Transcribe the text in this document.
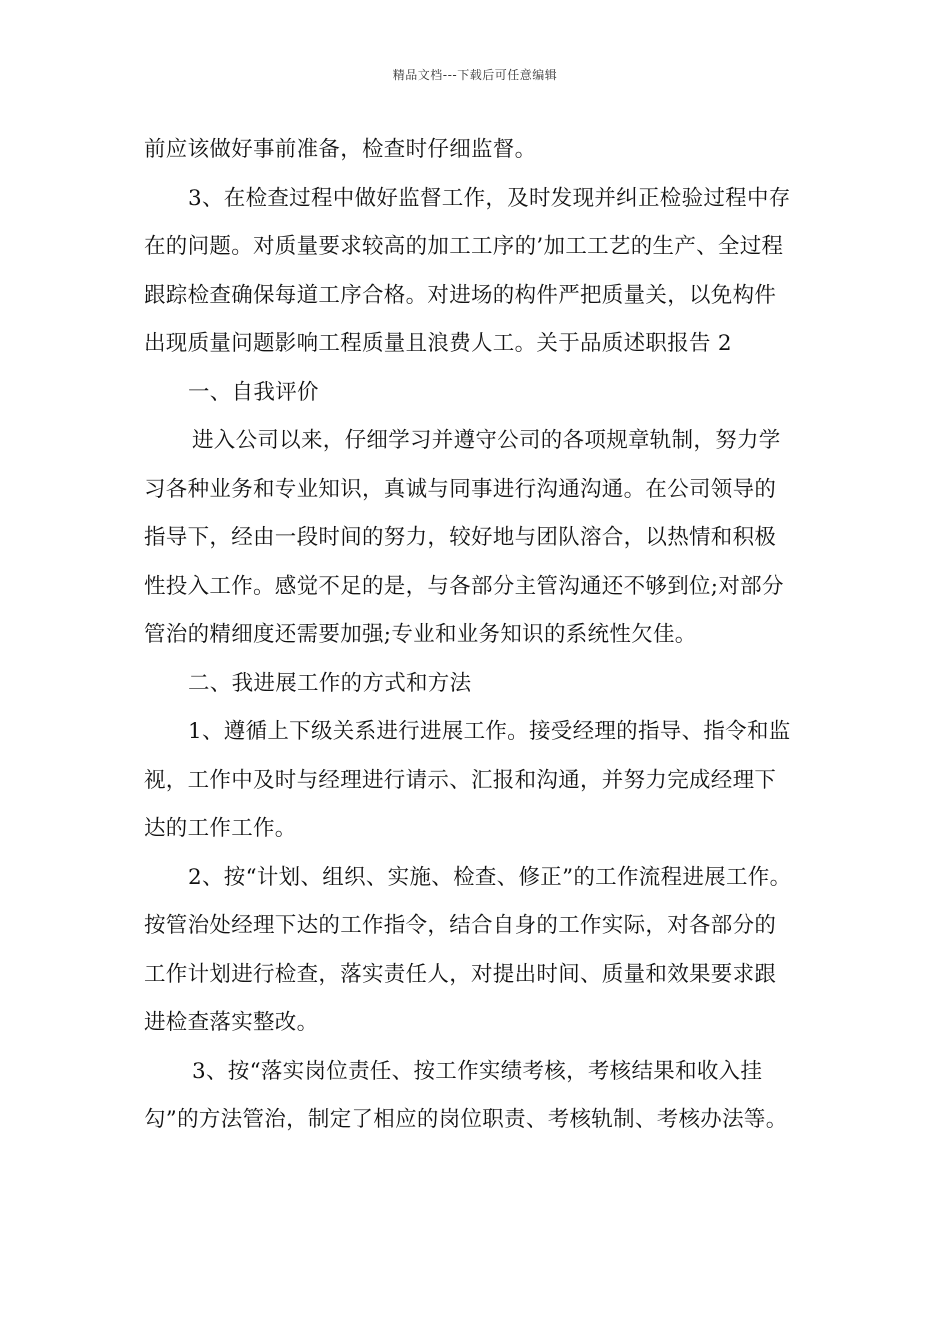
精品文档---下载后可任意编辑
前应该做好事前准备，检查时仔细监督。
3、在检查过程中做好监督工作，及时发现并纠正检验过程中存
在的问题。对质量要求较高的加工工序的’加工工艺的生产、全过程
跟踪检查确保每道工序合格。对进场的构件严把质量关，以免构件
出现质量问题影响工程质量且浪费人工。关于品质述职报告 2
一、自我评价
进入公司以来，仔细学习并遵守公司的各项规章轨制，努力学
习各种业务和专业知识，真诚与同事进行沟通沟通。在公司领导的
指导下，经由一段时间的努力，较好地与团队溶合，以热情和积极
性投入工作。感觉不足的是，与各部分主管沟通还不够到位;对部分
管治的精细度还需要加强;专业和业务知识的系统性欠佳。
二、我进展工作的方式和方法
1、遵循上下级关系进行进展工作。接受经理的指导、指令和监
视，工作中及时与经理进行请示、汇报和沟通，并努力完成经理下
达的工作工作。
2、按“计划、组织、实施、检查、修正”的工作流程进展工作。
按管治处经理下达的工作指令，结合自身的工作实际，对各部分的
工作计划进行检查，落实责任人，对提出时间、质量和效果要求跟
进检查落实整改。
3、按“落实岗位责任、按工作实绩考核，考核结果和收入挂
勾”的方法管治，制定了相应的岗位职责、考核轨制、考核办法等。
